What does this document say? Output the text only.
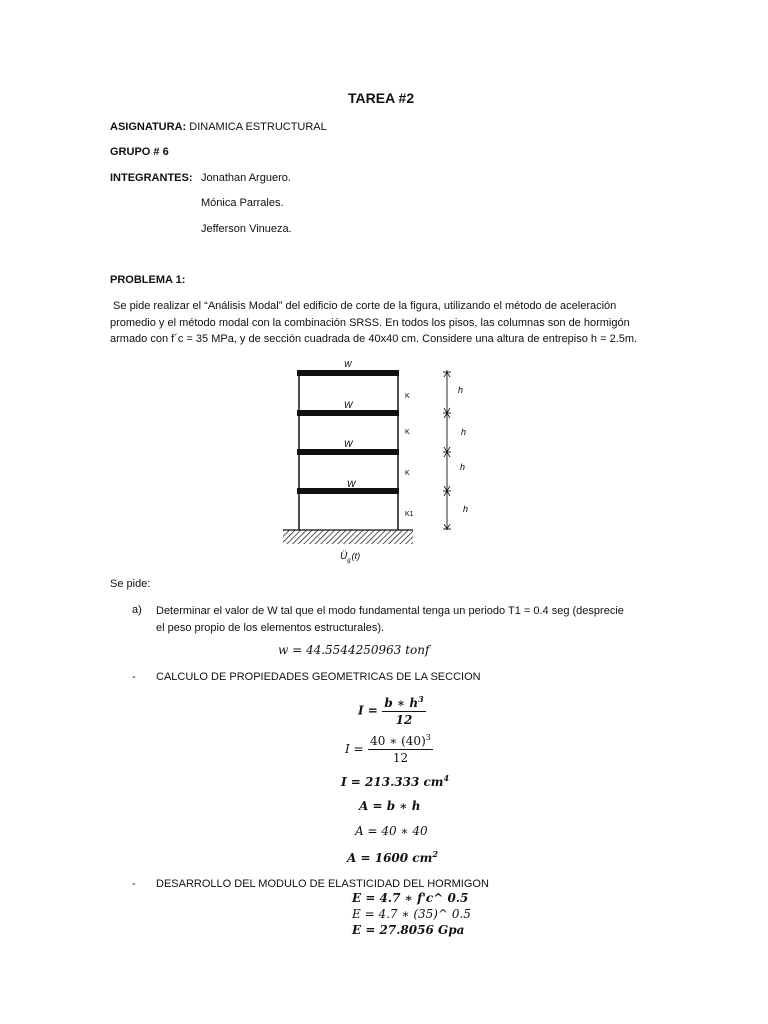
TAREA #2
ASIGNATURA: DINAMICA ESTRUCTURAL
GRUPO # 6
INTEGRANTES: Jonathan Arguero.
Mónica Parrales.
Jefferson Vinueza.
PROBLEMA 1:
Se pide realizar el “Análisis Modal” del edificio de corte de la figura, utilizando el método de aceleración
promedio y el método modal con la combinación SRSS. En todos los pisos, las columnas son de hormigón
armado con f´c = 35 MPa, y de sección cuadrada de 40x40 cm. Considere una altura de entrepiso h = 2.5m.
W
W
W
W
K
K
K
K1
h
h
h
h
$Ü_g(t)$
Se pide:
a) Determinar el valor de W tal que el modo fundamental tenga un periodo T1 = 0.4 seg (desprecie
el peso propio de los elementos estructurales).
w = 44.5544250963 tonf
- CALCULO DE PROPIEDADES GEOMETRICAS DE LA SECCION
$I = \frac{b ∗ h^3}{12}$
$I = \frac{40 ∗ (40)^3}{12}$
I = 213.333 $cm^4$
A = b ∗ h
A = 40 ∗ 40
A = 1600 $cm^2$
- DESARROLLO DEL MODULO DE ELASTICIDAD DEL HORMIGON
E = 4.7 ∗ f'c^ 0.5
E = 4.7 ∗ (35)^ 0.5
E = 27.8056 Gpa
